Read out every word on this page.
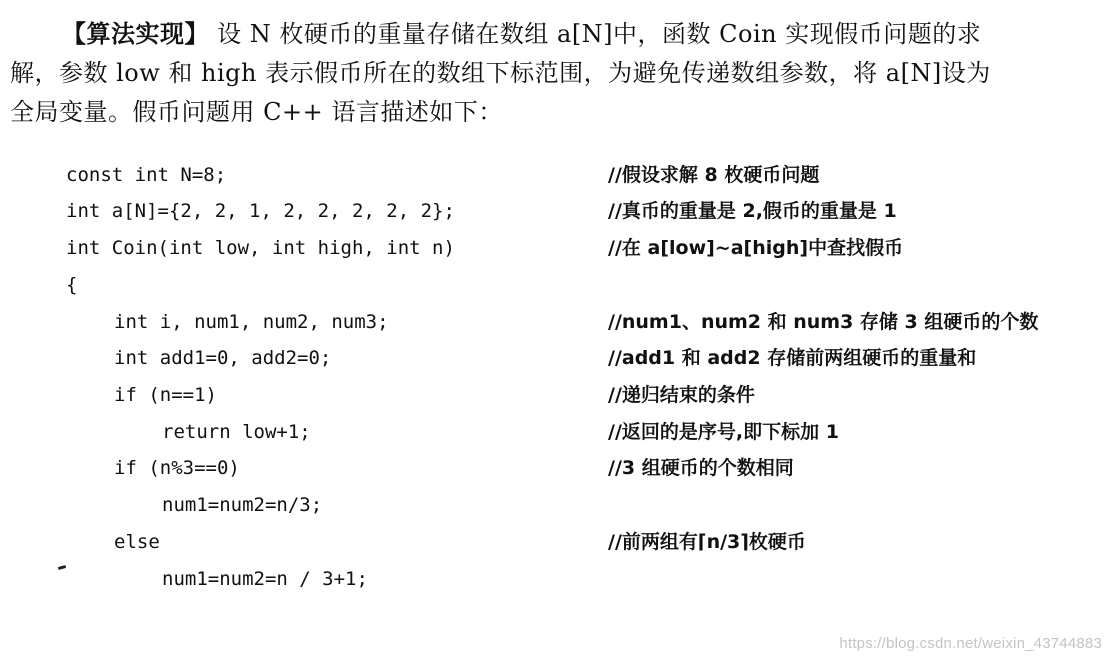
【算法实现】 设 N 枚硬币的重量存储在数组 a[N]中，函数 Coin 实现假币问题的求

解，参数 low 和 high 表示假币所在的数组下标范围，为避免传递数组参数，将 a[N]设为

全局变量。假币问题用 C++ 语言描述如下：

const int N=8;	//假设求解 8 枚硬币问题
int a[N]={2, 2, 1, 2, 2, 2, 2, 2};	//真币的重量是 2,假币的重量是 1
int Coin(int low, int high, int n)	//在 a[low]~a[high]中查找假币
{
int i, num1, num2, num3;	//num1、num2 和 num3 存储 3 组硬币的个数
int add1=0, add2=0;	//add1 和 add2 存储前两组硬币的重量和
if (n==1)	//递归结束的条件
return low+1;	//返回的是序号,即下标加 1
if (n%3==0)	//3 组硬币的个数相同
num1=num2=n/3;
else	//前两组有⌈n/3⌉枚硬币
num1=num2=n / 3+1;
https://blog.csdn.net/weixin_43744883
